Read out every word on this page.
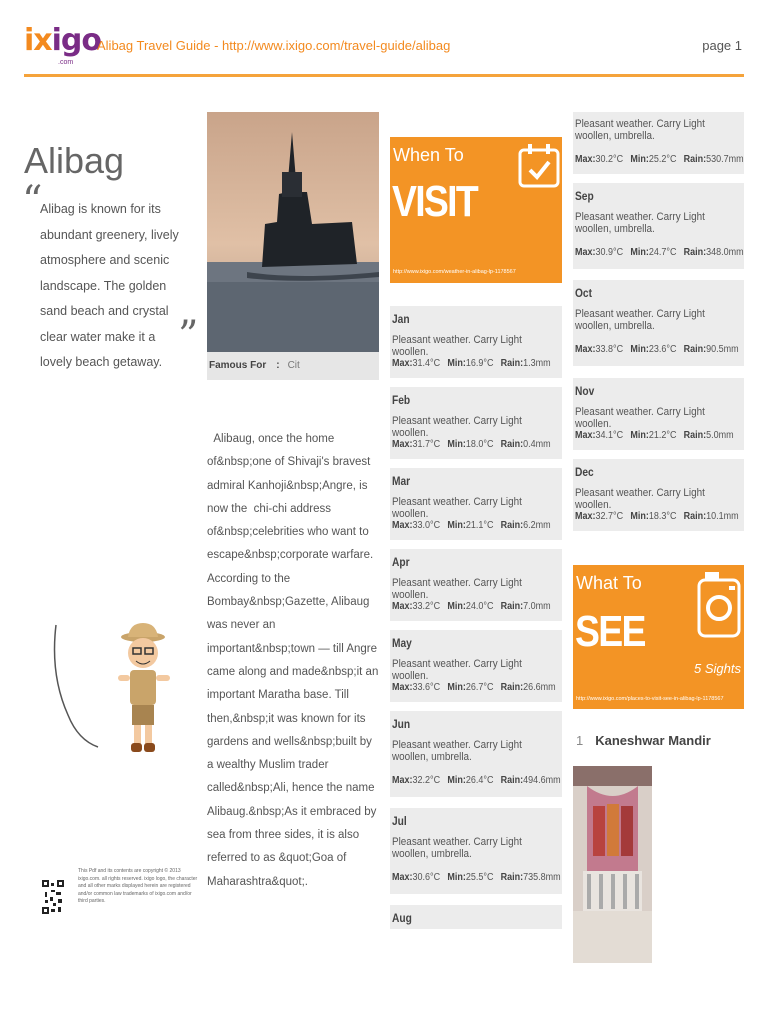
ixigo
.com
Alibag Travel Guide - http://www.ixigo.com/travel-guide/alibag	page 1
Alibag
“
Alibag is known for its abundant greenery, lively atmosphere and scenic landscape. The golden sand beach and crystal clear water make it a lovely beach getaway.
”
This Pdf and its contents are copyright © 2013 ixigo.com. all rights reserved. ixigo logo, the character and all other marks displayed herein are registered and/or common law trademarks of ixigo.com and/or third parties.
Famous For : Cit
Alibaug, once the home of&nbsp;one of Shivaji's bravest admiral Kanhoji&nbsp;Angre, is now the  chi-chi address of&nbsp;celebrities who want to escape&nbsp;corporate warfare. According to the Bombay&nbsp;Gazette, Alibaug was never an important&nbsp;town — till Angre came along and made&nbsp;it an important Maratha base. Till then,&nbsp;it was known for its gardens and wells&nbsp;built by a wealthy Muslim trader called&nbsp;Ali, hence the name Alibaug.&nbsp;As it embraced by sea from three sides, it is also referred to as &quot;Goa of Maharashtra&quot;.
When To
VISIT
http://www.ixigo.com/weather-in-alibag-lp-1178567
Jan
Pleasant weather. Carry Light woollen.
Max:31.4°C Min:16.9°C Rain:1.3mm
Feb
Pleasant weather. Carry Light woollen.
Max:31.7°C Min:18.0°C Rain:0.4mm
Mar
Pleasant weather. Carry Light woollen.
Max:33.0°C Min:21.1°C Rain:6.2mm
Apr
Pleasant weather. Carry Light woollen.
Max:33.2°C Min:24.0°C Rain:7.0mm
May
Pleasant weather. Carry Light woollen.
Max:33.6°C Min:26.7°C Rain:26.6mm
Jun
Pleasant weather. Carry Light woollen, umbrella.
Max:32.2°C Min:26.4°C Rain:494.6mm
Jul
Pleasant weather. Carry Light woollen, umbrella.
Max:30.6°C Min:25.5°C Rain:735.8mm
Aug
Sep
Pleasant weather. Carry Light woollen, umbrella.
Max:30.9°C Min:24.7°C Rain:348.0mm
Oct
Pleasant weather. Carry Light woollen, umbrella.
Max:33.8°C Min:23.6°C Rain:90.5mm
Nov
Pleasant weather. Carry Light woollen.
Max:34.1°C Min:21.2°C Rain:5.0mm
Dec
Pleasant weather. Carry Light woollen.
Max:32.7°C Min:18.3°C Rain:10.1mm
Pleasant weather. Carry Light woollen, umbrella.
Max:30.2°C Min:25.2°C Rain:530.7mm
What To
SEE
5 Sights
http://www.ixigo.com/places-to-visit-see-in-alibag-lp-1178567
1 Kaneshwar Mandir
